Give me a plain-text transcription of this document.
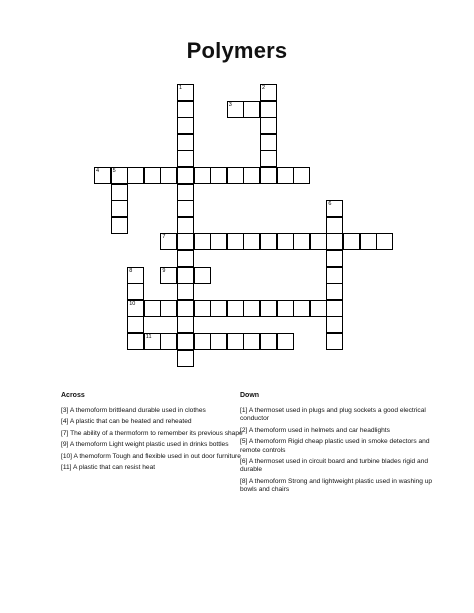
Polymers
1	2
3
4 5
6
7
8
10
9
11
Across
[3] A themoform brittleand durable used in clothes
[4] A plastic that can be heated and reheated
[7] The ability of a thermoform to remember its previous shape
[9] A themoform Light weight plastic used in drinks bottles
[10] A themoform Tough and flexible used in out door furniture
[11] A plastic that can resist heat
Down
[1] A thermoset used in plugs and plug sockets a good electrical conductor
[2] A themoform used in helmets and car headlights
[5] A themoform Rigid cheap plastic used in smoke detectors and remote controls
[6] A thermoset used in circuit board and turbine blades rigid and durable
[8] A themoform Strong and lightweight plastic used in washing up bowls and chairs
